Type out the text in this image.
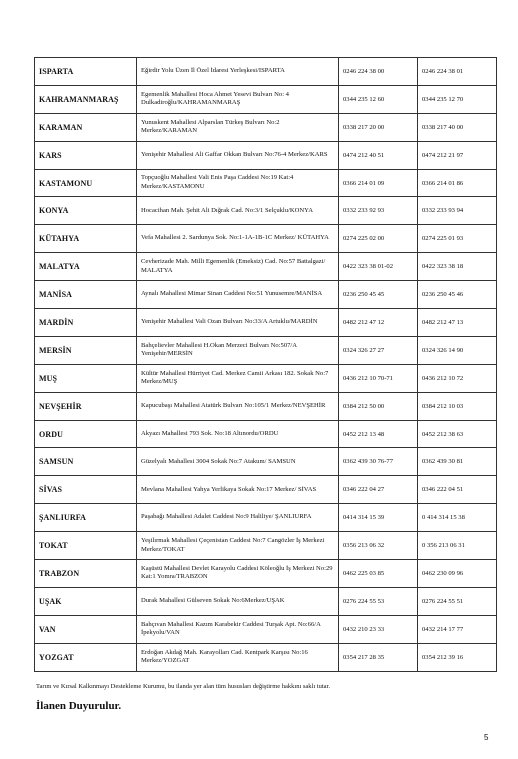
ISPARTA	Eğirdir Yolu Üzen İl Özel İdaresi Yerleşkesi/ISPARTA	0246 224 38 00	0246 224 38 01
KAHRAMANMARAŞ	Egemenlik Mahallesi Hoca Ahmet Yesevi Bulvarı No: 4 Dulkadiroğlu/KAHRAMANMARAŞ	0344 235 12 60	0344 235 12 70
KARAMAN	Yunuskent Mahallesi Alparslan Türkeş Bulvarı No:2 Merkez/KARAMAN	0338 217 20 00	0338 217 40 00
KARS	Yenişehir Mahallesi Ali Gaffar Okkan Bulvarı No:76-4 Merkez/KARS	0474 212 40 51	0474 212 21 97
KASTAMONU	Topçuoğlu Mahallesi Vali Enis Paşa Caddesi No:19 Kat:4 Merkez/KASTAMONU	0366 214 01 09	0366 214 01 86
KONYA	Hocacihan Mah. Şehit Ali Dığrak Cad. No:3/1 Selçuklu/KONYA	0332 233 92 93	0332 233 93 94
KÜTAHYA	Vefa Mahallesi 2. Sardunya Sok. No:1-1A-1B-1C Merkez/ KÜTAHYA	0274 225 02 00	0274 225 01 93
MALATYA	Cevherizade Mah. Milli Egemenlik (Emeksiz) Cad. No:57 Battalgazi/ MALATYA	0422 323 38 01-02	0422 323 38 18
MANİSA	Aynalı Mahallesi Mimar Sinan Caddesi No:51 Yunusemre/MANİSA	0236 250 45 45	0236 250 45 46
MARDİN	Yenişehir Mahallesi Vali Ozan Bulvarı No:33/A Artuklu/MARDİN	0482 212 47 12	0482 212 47 13
MERSİN	Bahçelievler Mahallesi H.Okan Merzeci Bulvarı No:507/A Yenişehir/MERSİN	0324 326 27 27	0324 326 14 90
MUŞ	Kültür Mahallesi Hürriyet Cad. Merkez Camii Arkası 182. Sokak No:7 Merkez/MUŞ	0436 212 10 70-71	0436 212 10 72
NEVŞEHİR	Kapucubaşı Mahallesi Atatürk Bulvarı No:105/1 Merkez/NEVŞEHİR	0384 212 50 00	0384 212 10 03
ORDU	Akyazı Mahallesi 793 Sok. No:18 Altınordu/ORDU	0452 212 13 48	0452 212 38 63
SAMSUN	Güzelyalı Mahallesi 3004 Sokak No:7 Atakum/ SAMSUN	0362 439 30 76-77	0362 439 30 81
SİVAS	Mevlana Mahallesi Yahya Yerlikaya Sokak No:17 Merkez/ SİVAS	0346 222 04 27	0346 222 04 51
ŞANLIURFA	Paşabağı Mahallesi Adalet Caddesi No:9 Haliliye/ ŞANLIURFA	0414 314 15 39	0 414 314 15 38
TOKAT	Yeşilırmak Mahallesi Çeçenistan Caddesi No:7 Cangözler İş Merkezi Merkez/TOKAT	0356 213 06 32	0 356 213 06 31
TRABZON	Kaşüstü Mahallesi Devlet Karayolu Caddesi Köleoğlu İş Merkezi No:29 Kat:1 Yomra/TRABZON	0462 225 03 85	0462 230 09 96
UŞAK	Durak Mahallesi Gülseven Sokak No:6Merkez/UŞAK	0276 224 55 53	0276 224 55 51
VAN	Bahçıvan Mahallesi Kazım Karabekir Caddesi Turşak Apt. No:66/A İpekyolu/VAN	0432 210 23 33	0432 214 17 77
YOZGAT	Erdoğan Akdağ Mah. Karayolları Cad. Kentpark Karşısı No:16 Merkez/YOZGAT	0354 217 28 35	0354 212 39 16
Tarım ve Kırsal Kalkınmayı Destekleme Kurumu, bu ilanda yer alan tüm hususları değiştirme hakkını saklı tutar.
İlanen Duyurulur.
5
